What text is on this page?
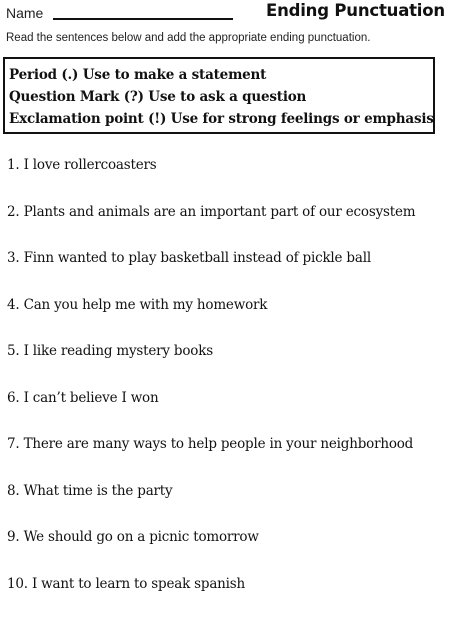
Name	Ending Punctuation
Read the sentences below and add the appropriate ending punctuation.
Period (.) Use to make a statement
Question Mark (?) Use to ask a question
Exclamation point (!) Use for strong feelings or emphasis
1. I love rollercoasters
2. Plants and animals are an important part of our ecosystem
3. Finn wanted to play basketball instead of pickle ball
4. Can you help me with my homework
5. I like reading mystery books
6. I can’t believe I won
7. There are many ways to help people in your neighborhood
8. What time is the party
9. We should go on a picnic tomorrow
10. I want to learn to speak spanish
